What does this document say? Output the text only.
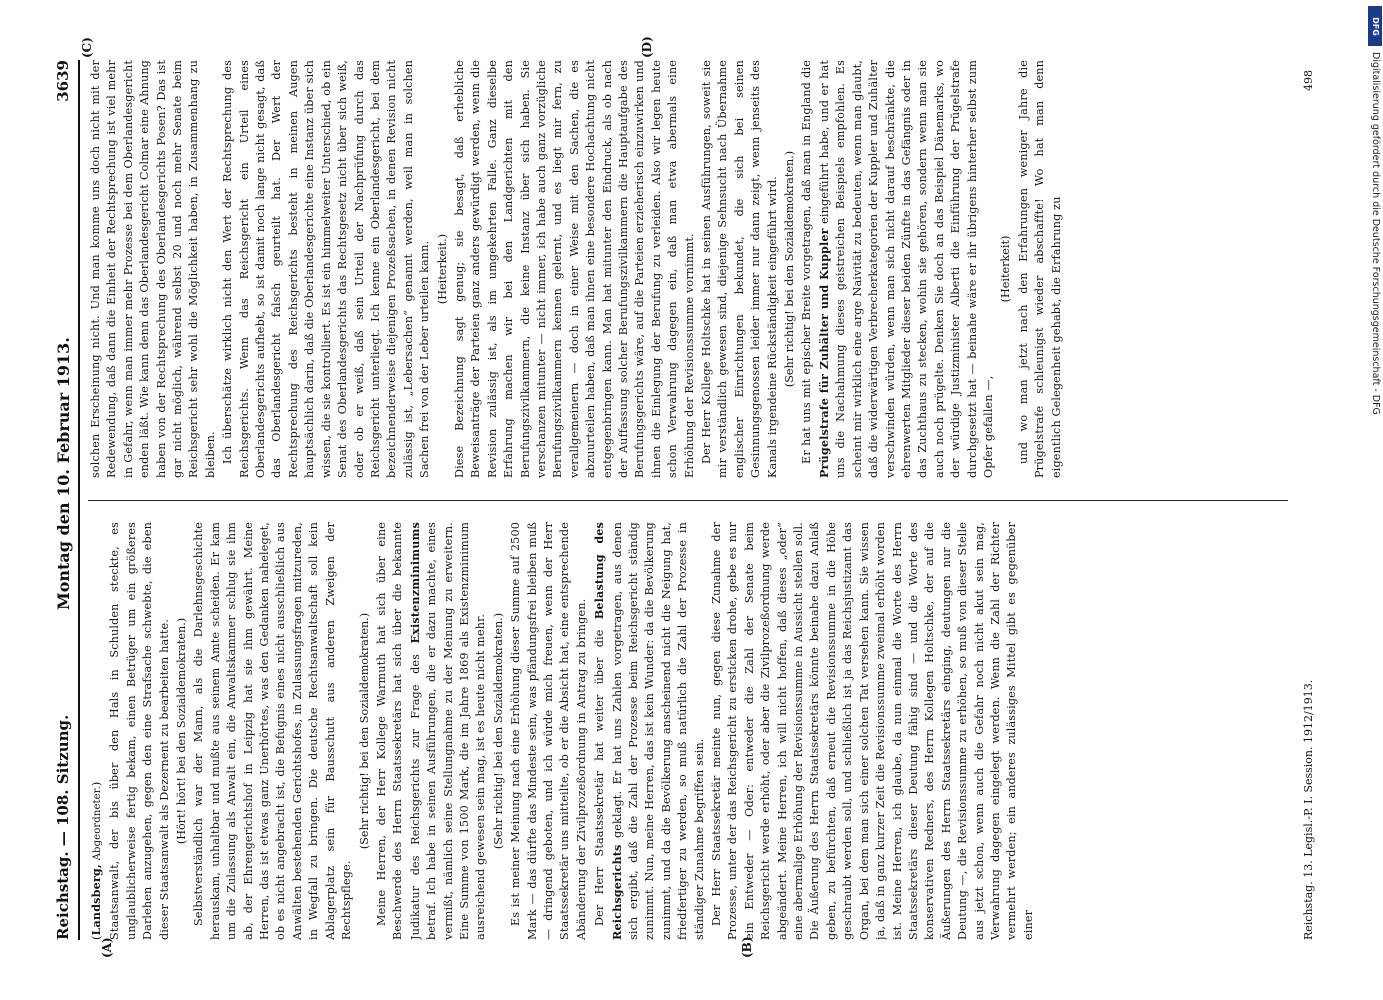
Reichstag. — 108. Sitzung.
Montag den 10. Februar 1913.
3639
(A)	(B)
(C)	(D)

(Landsberg, Abgeordneter.) Staatsanwalt, der bis über den Hals in Schulden steckte, es unglaublicherweise fertig bekam, einen Betrüger um ein größeres Darlehen anzugehen, gegen den eine Strafsache schwebte, die eben dieser Staatsanwalt als Dezernent zu bearbeiten hatte. (Hört! hört! bei den Sozialdemokraten.) Selbstverständlich war der Mann, als die Darlehnsgeschichte herauskam, unhaltbar und mußte aus seinem Amte scheiden. Er kam um die Zulassung als Anwalt ein, die Anwaltskammer schlug sie ihm ab, der Ehrengerichtshof in Leipzig hat sie ihm gewährt. Meine Herren, das ist etwas ganz Unerhörtes, was den Gedanken naheleget, ob es nicht angebracht ist, die Befugnis eines nicht ausschließlich aus Anwälten bestehenden Gerichtshofes, in Zulassungsfragen mitzureden, in Wegfall zu bringen. Die deutsche Rechtsanwaltschaft soll kein Ablagerplatz sein für Bausschutt aus anderen Zweigen der Rechtspflege.

(Sehr richtig! bei den Sozialdemokraten.) Meine Herren, der Herr Kollege Warmuth hat sich über eine Beschwerde des Herrn Staatssekretärs hat sich über die bekannte Judikatur des Reichsgerichts zur Frage des Existenzminimums betraf. Ich habe in seinen Ausführungen, die er dazu machte, eines vermißt, nämlich seine Stellungnahme zu der Meinung zu erweitern. Eine Summe von 1500 Mark, die im Jahre 1869 als Existenzminimum ausreichend gewesen sein mag, ist es heute nicht mehr. (Sehr richtig! bei den Sozialdemokraten.) Es ist meiner Meinung nach eine Erhöhung dieser Summe auf 2500 Mark — das dürfte das Mindeste sein, was pfändungsfrei bleiben muß — dringend geboten, und ich würde mich freuen, wenn der Herr Staatssekretär uns mitteilte, ob er die Absicht hat, eine entsprechende Abänderung der Zivilprozeßordnung in Antrag zu bringen. Der Herr Staatssekretär hat weiter über die Belastung des Reichsgerichts geklagt. Er hat uns Zahlen vorgetragen, aus denen sich ergibt, daß die Zahl der Prozesse beim Reichsgericht ständig zunimmt. Nun, meine Herren, das ist kein Wunder: da die Bevölkerung zunimmt, und da die Bevölkerung anscheinend nicht die Neigung hat, friedfertiger zu werden, so muß natürlich die Zahl der Prozesse in ständiger Zunahme begriffen sein. Der Herr Staatssekretär meinte nun, gegen diese Zunahme der Prozesse, unter der das Reichsgericht zu ersticken drohe, gebe es nur ein Entweder — Oder: entweder die Zahl der Senate beim Reichsgericht werde erhöht, oder aber die Zivilprozeßordnung werde abgeändert. Meine Herren, ich will nicht hoffen, daß dieses „oder“ eine abermalige Erhöhung der Revisionssumme in Aussicht stellen soll. Die Äußerung des Herrn Staatssekretärs könnte beinahe dazu Anlaß geben, zu befürchten, daß erneut die Revisionssumme in die Höhe geschraubt werden soll, und schließlich ist ja das Reichsjustizamt das Organ, bei dem man sich einer solchen Tat versehen kann. Sie wissen ja, daß in ganz kurzer Zeit die Revisionssumme zweimal erhöht worden ist. Meine Herren, ich glaube, da nun einmal die Worte des Herrn Staatssekretärs dieser Deutung fähig sind — und die Worte des konservativen Redners, des Herrn Kollegen Holtschke, der auf die Äußerungen des Herrn Staatssekretärs einging, deutungen nur die Deutung —, die Revisionssumme zu erhöhen, so muß von dieser Stelle aus jetzt schon, wenn auch die Gefahr noch nicht akut sein mag, Verwahrung dagegen eingelegt werden. Wenn die Zahl der Richter vermehrt werden; ein anderes zulässiges Mittel gibt es gegenüber einer

solchen Erscheinung nicht. Und man komme uns doch nicht mit der Redewendung, daß dann die Einheit der Rechtsprechung ist viel mehr in Gefahr, wenn man immer mehr Prozesse bei dem Oberlandesgericht enden läßt. Wie kann denn das Oberlandesgericht Colmar eine Ahnung haben von der Rechtsprechung des Oberlandesgerichts Posen? Das ist gar nicht möglich, während selbst 20 und noch mehr Senate beim Reichsgericht sehr wohl die Möglichkeit haben, in Zusammenhang zu bleiben. Ich überschätze wirklich nicht den Wert der Rechtsprechung des Reichsgerichts. Wenn das Reichsgericht ein Urteil eines Oberlandesgerichts aufhebt, so ist damit noch lange nicht gesagt, daß das Oberlandesgericht falsch geurteilt hat. Der Wert der Rechtsprechung des Reichsgerichts besteht in meinen Augen hauptsächlich darin, daß die Oberlandesgerichte eine Instanz über sich wissen, die sie kontrolliert. Es ist ein himmelweiter Unterschied, ob ein Senat des Oberlandesgerichts das Rechtsgesetz nicht über sich weiß, oder ob er weiß, daß sein Urteil der Nachprüfung durch das Reichsgericht unterliegt. Ich kenne ein Oberlandesgericht, bei dem bezeichnenderweise diejenigen Prozeßsachen, in denen Revision nicht zulässig ist, „Lebersachen“ genannt werden, weil man in solchen Sachen frei von der Leber urteilen kann. (Heiterkeit.) Diese Bezeichnung sagt genug; sie besagt, daß erhebliche Beweisanträge der Parteien ganz anders gewürdigt werden, wenn die Revision zulässig ist, als im umgekehrten Falle. Ganz dieselbe Erfahrung machen wir bei den Landgerichten mit den Berufungszivilkammern, die keine Instanz über sich haben. Sie verschanzen mitunter — nicht immer, ich habe auch ganz vorzügliche Berufungszivilkammern kennen gelernt, und es liegt mir fern, zu verallgemeinern — doch in einer Weise mit den Sachen, die es abzuurteilen haben, daß man ihnen eine besondere Hochachtung nicht entgegenbringen kann. Man hat mitunter den Eindruck, als ob nach der Auffassung solcher Berufungszivilkammern die Hauptaufgabe des Berufungsgerichts wäre, auf die Parteien erzieherisch einzuwirken und ihnen die Einlegung der Berufung zu verleiden. Also wir legen heute schon Verwahrung dagegen ein, daß man etwa abermals eine Erhöhung der Revisionssumme vornimmt. Der Herr Kollege Holtschke hat in seinen Ausführungen, soweit sie mir verständlich gewesen sind, diejenige Sehnsucht nach Übernahme englischer Einrichtungen bekundet, die sich bei seinen Gesinnungsgenossen leider immer nur dann zeigt, wenn jenseits des Kanals irgendeine Rückständigkeit eingeführt wird. (Sehr richtig! bei den Sozialdemokraten.) Er hat uns mit epischer Breite vorgetragen, daß man in England die Prügelstrafe für Zuhälter und Kuppler eingeführt habe, und er hat uns die Nachahmung dieses geistreichen Beispiels empfohlen. Es scheint mir wirklich eine arge Naivität zu bedeuten, wenn man glaubt, daß die widerwärtigen Verbrecherkategorien der Kuppler und Zuhälter verschwinden würden, wenn man sich nicht darauf beschränkte, die ehrenwerten Mitglieder dieser beiden Zünfte in das Gefängnis oder in das Zuchthaus zu stecken, wohin sie gehören, sondern wenn man sie auch noch prügelte. Denken Sie doch an das Beispiel Dänemarks, wo der würdige Justizminister Alberti die Einführung der Prügelstrafe durchgesetzt hat — beinahe wäre er ihr übrigens hinterher selbst zum Opfer gefallen —,

(Heiterkeit) und wo man jetzt nach den Erfahrungen weniger Jahre die Prügelstrafe schleunigst wieder abschaffte! Wo hat man denn eigentlich Gelegenheit gehabt, die Erfahrung zu

Reichstag. 13. Legisl.-P. I. Session. 1912/1913.
498
DFG
Digitalisierung gefördert durch die Deutsche Forschungsgemeinschaft - DFG
